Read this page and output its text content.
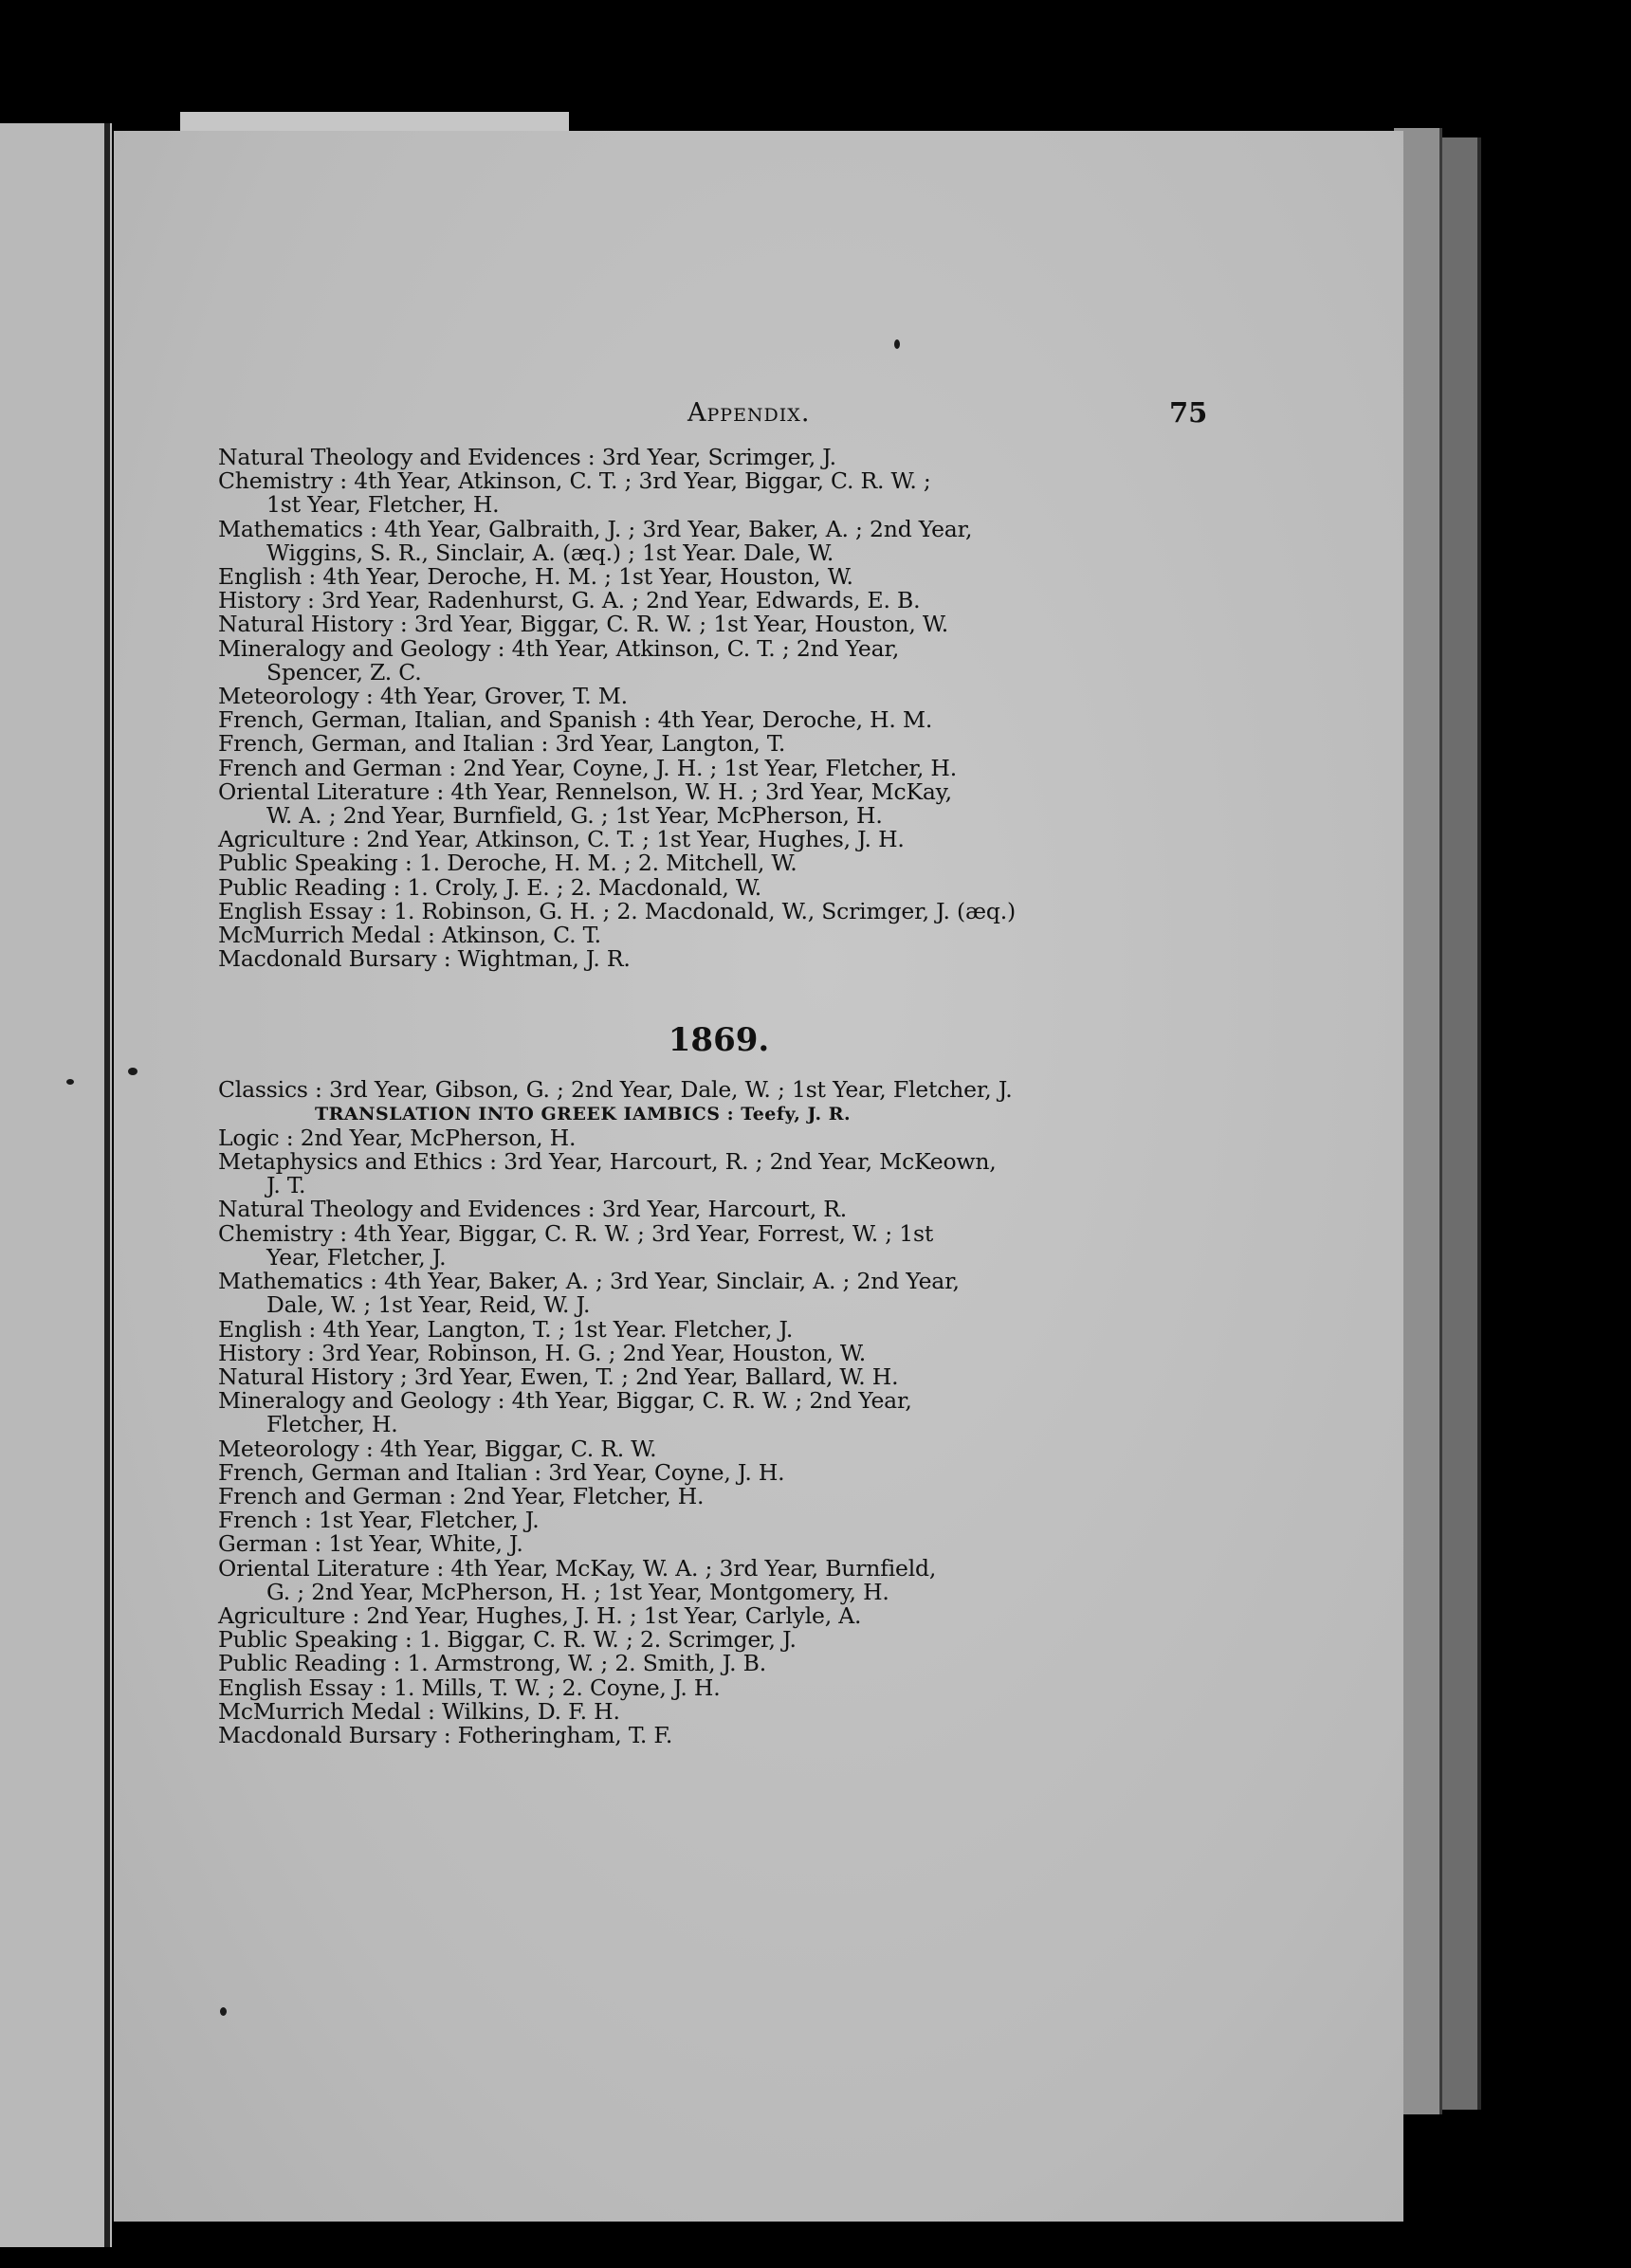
Appendix.	75
Natural Theology and Evidences : 3rd Year, Scrimger, J.
Chemistry : 4th Year, Atkinson, C. T. ; 3rd Year, Biggar, C. R. W. ;
1st Year, Fletcher, H.
Mathematics : 4th Year, Galbraith, J. ; 3rd Year, Baker, A. ; 2nd Year,
Wiggins, S. R., Sinclair, A. (æq.) ; 1st Year. Dale, W.
English : 4th Year, Deroche, H. M. ; 1st Year, Houston, W.
History : 3rd Year, Radenhurst, G. A. ; 2nd Year, Edwards, E. B.
Natural History : 3rd Year, Biggar, C. R. W. ; 1st Year, Houston, W.
Mineralogy and Geology : 4th Year, Atkinson, C. T. ; 2nd Year,
Spencer, Z. C.
Meteorology : 4th Year, Grover, T. M.
French, German, Italian, and Spanish : 4th Year, Deroche, H. M.
French, German, and Italian : 3rd Year, Langton, T.
French and German : 2nd Year, Coyne, J. H. ; 1st Year, Fletcher, H.
Oriental Literature : 4th Year, Rennelson, W. H. ; 3rd Year, McKay,
W. A. ; 2nd Year, Burnfield, G. ; 1st Year, McPherson, H.
Agriculture : 2nd Year, Atkinson, C. T. ; 1st Year, Hughes, J. H.
Public Speaking : 1. Deroche, H. M. ; 2. Mitchell, W.
Public Reading : 1. Croly, J. E. ; 2. Macdonald, W.
English Essay : 1. Robinson, G. H. ; 2. Macdonald, W., Scrimger, J. (æq.)
McMurrich Medal : Atkinson, C. T.
Macdonald Bursary : Wightman, J. R.
1869.
Classics : 3rd Year, Gibson, G. ; 2nd Year, Dale, W. ; 1st Year, Fletcher, J.
TRANSLATION INTO GREEK IAMBICS : Teefy, J. R.
Logic : 2nd Year, McPherson, H.
Metaphysics and Ethics : 3rd Year, Harcourt, R. ; 2nd Year, McKeown,
J. T.
Natural Theology and Evidences : 3rd Year, Harcourt, R.
Chemistry : 4th Year, Biggar, C. R. W. ; 3rd Year, Forrest, W. ; 1st
Year, Fletcher, J.
Mathematics : 4th Year, Baker, A. ; 3rd Year, Sinclair, A. ; 2nd Year,
Dale, W. ; 1st Year, Reid, W. J.
English : 4th Year, Langton, T. ; 1st Year. Fletcher, J.
History : 3rd Year, Robinson, H. G. ; 2nd Year, Houston, W.
Natural History ; 3rd Year, Ewen, T. ; 2nd Year, Ballard, W. H.
Mineralogy and Geology : 4th Year, Biggar, C. R. W. ; 2nd Year,
Fletcher, H.
Meteorology : 4th Year, Biggar, C. R. W.
French, German and Italian : 3rd Year, Coyne, J. H.
French and German : 2nd Year, Fletcher, H.
French : 1st Year, Fletcher, J.
German : 1st Year, White, J.
Oriental Literature : 4th Year, McKay, W. A. ; 3rd Year, Burnfield,
G. ; 2nd Year, McPherson, H. ; 1st Year, Montgomery, H.
Agriculture : 2nd Year, Hughes, J. H. ; 1st Year, Carlyle, A.
Public Speaking : 1. Biggar, C. R. W. ; 2. Scrimger, J.
Public Reading : 1. Armstrong, W. ; 2. Smith, J. B.
English Essay : 1. Mills, T. W. ; 2. Coyne, J. H.
McMurrich Medal : Wilkins, D. F. H.
Macdonald Bursary : Fotheringham, T. F.
